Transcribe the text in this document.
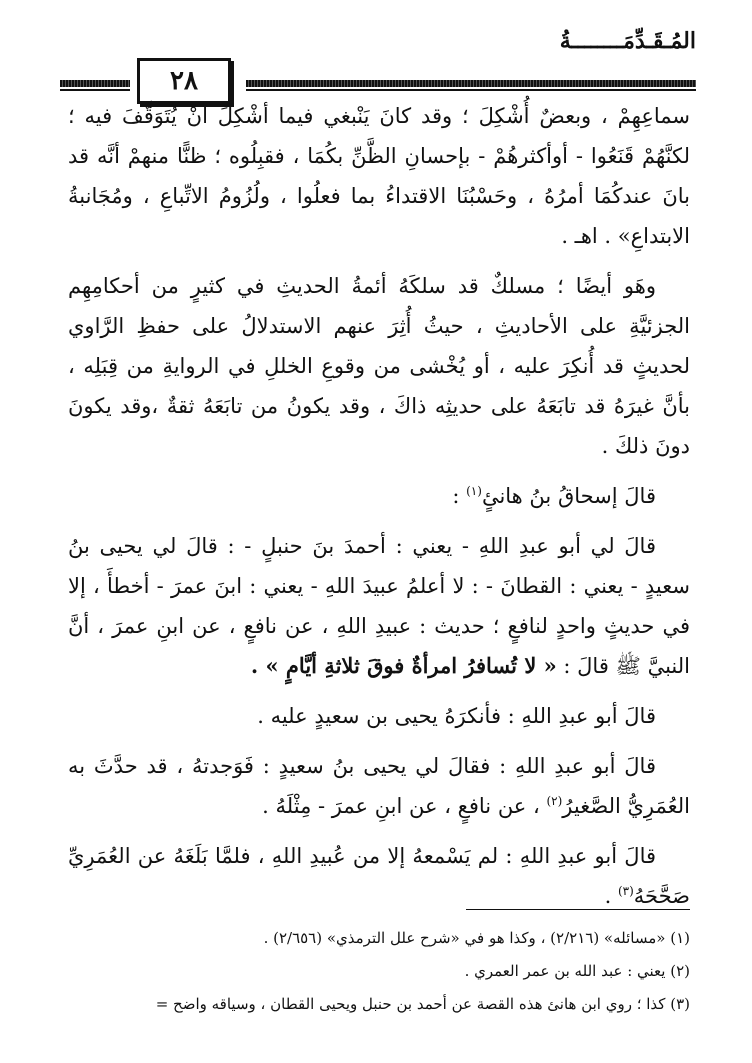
المُـقَـدِّمَــــــــةُ
٢٨

سماعِهِمْ ، وبعضٌ أُشْكِلَ ؛ وقد كانَ يَنْبغي فيما أشْكِلَ أنْ يُتَوَقَّفَ فيه ؛ لكنَّهُمْ قَنَعُوا - أوأكثرهُمْ - بإحسانِ الظَّنِّ بكُمَا ، فقبِلُوه ؛ ظنًّا منهمْ أنَّه قد بانَ عندكُمَا أمرُهُ ، وحَسْبُنَا الاقتداءُ بما فعلُوا ، ولُزُومُ الاتِّباعِ ، ومُجَانبةُ الابتداعِ» . اهـ .

وهَو أيضًا ؛ مسلكٌ قد سلكَهُ أئمةُ الحديثِ في كثيرٍ من أحكامِهِم الجزئيَّةِ على الأحاديثِ ، حيثُ أُثِرَ عنهم الاستدلالُ على حفظِ الرَّاوي لحديثٍ قد أُنكِرَ عليه ، أو يُخْشى من وقوعِ الخللِ في الروايةِ من قِبَلِه ، بأنَّ غيرَهُ قد تابَعَهُ على حديثِه ذاكَ ، وقد يكونُ من تابَعَهُ ثقةٌ ،وقد يكونَ دونَ ذلكَ .

قالَ إسحاقُ بنُ هانئٍ$^{(١)}$ :

قالَ لي أبو عبدِ اللهِ - يعني : أحمدَ بنَ حنبلٍ - : قالَ لي يحيى بنُ سعيدٍ - يعني : القطانَ - : لا أعلمُ عبيدَ اللهِ - يعني : ابنَ عمرَ - أخطأَ ، إلا في حديثٍ واحدٍ لنافعٍ ؛ حديث : عبيدِ اللهِ ، عن نافعٍ ، عن ابنِ عمرَ ، أنَّ النبيَّ ﷺ قالَ : « لا تُسافرُ امرأةٌ فوقَ ثلاثةِ أيَّامٍ » .

قالَ أبو عبدِ اللهِ : فأنكرَهُ يحيى بن سعيدٍ عليه .

قالَ أبو عبدِ اللهِ : فقالَ لي يحيى بنُ سعيدٍ : فَوَجدتهُ ، قد حدَّثَ به العُمَرِيُّ الصَّغيرُ$^{(٢)}$ ، عن نافعٍ ، عن ابنِ عمرَ - مِثْلَهُ .

قالَ أبو عبدِ اللهِ : لم يَسْمعهُ إلا من عُبيدِ اللهِ ، فلمَّا بَلَغَهُ عن العُمَرِيِّ صَحَّحَهُ$^{(٣)}$ .

(١) «مسائله» (٢/٢١٦) ، وكذا هو في «شرح علل الترمذي» (٢/٦٥٦) .

(٢) يعني : عبد الله بن عمر العمري .

(٣) كذا ؛ روي ابن هانئ هذه القصة عن أحمد بن حنبل ويحيى القطان ، وسياقه واضح =
